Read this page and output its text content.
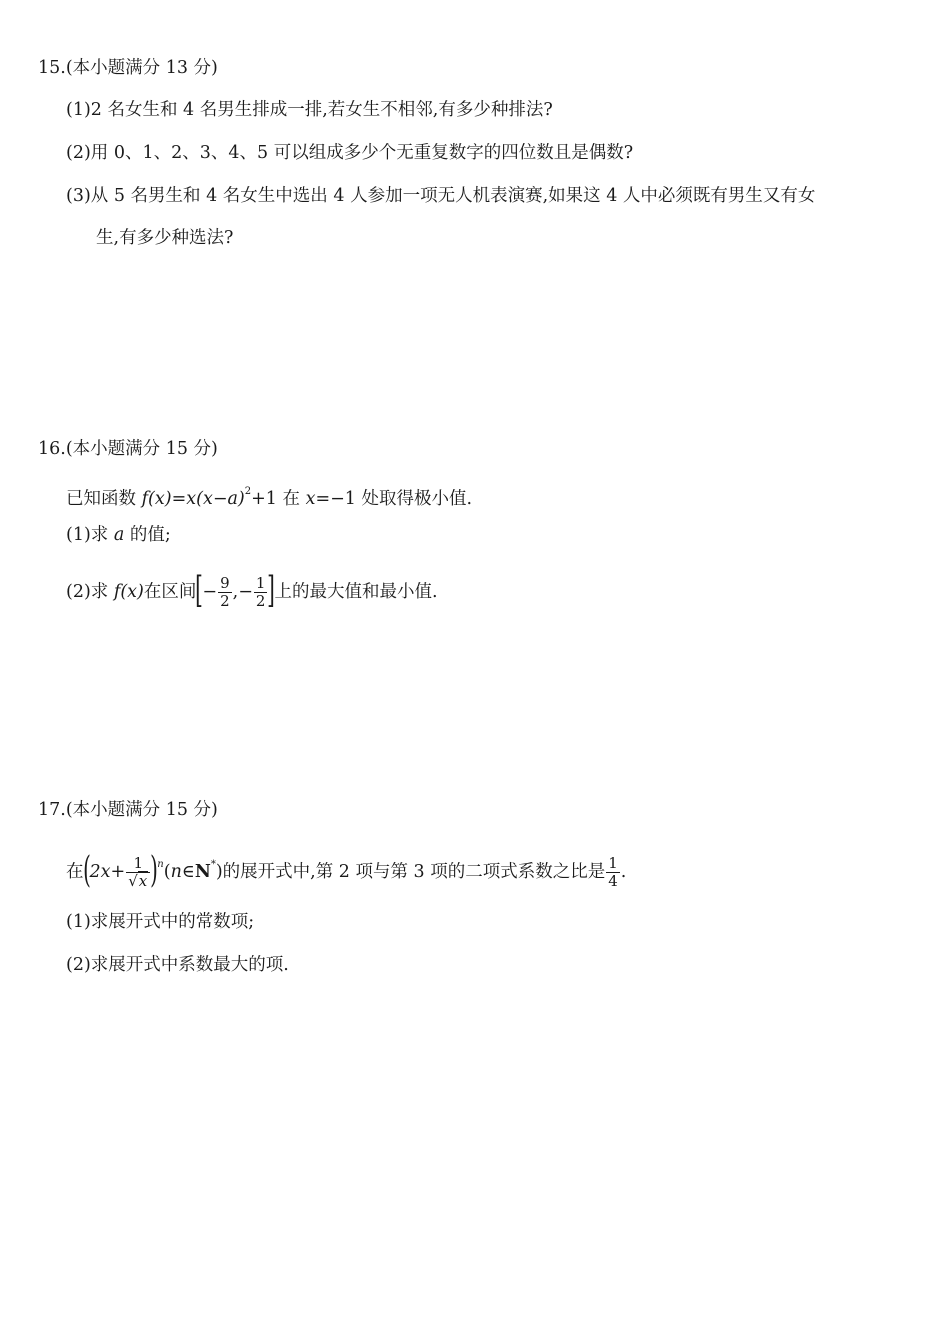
15.(本小题满分 13 分)
(1)2 名女生和 4 名男生排成一排,若女生不相邻,有多少种排法?
(2)用 0、1、2、3、4、5 可以组成多少个无重复数字的四位数且是偶数?
(3)从 5 名男生和 4 名女生中选出 4 人参加一项无人机表演赛,如果这 4 人中必须既有男生又有女
生,有多少种选法?
16.(本小题满分 15 分)
已知函数 $f(x)=x(x-a)^2+1$ 在 x=−1 处取得极小值.
(1)求 a 的值;
(2)求 f(x)在区间[− $\frac{9}{2}$ ,− $\frac{1}{2}$ ]上的最大值和最小值.
17.(本小题满分 15 分)
在($2x+ \frac{1}{√x}$ )$^n(n\in N^*)$的展开式中,第 2 项与第 3 项的二项式系数之比是 $\frac{1}{4}$ .
(1)求展开式中的常数项;
(2)求展开式中系数最大的项.
